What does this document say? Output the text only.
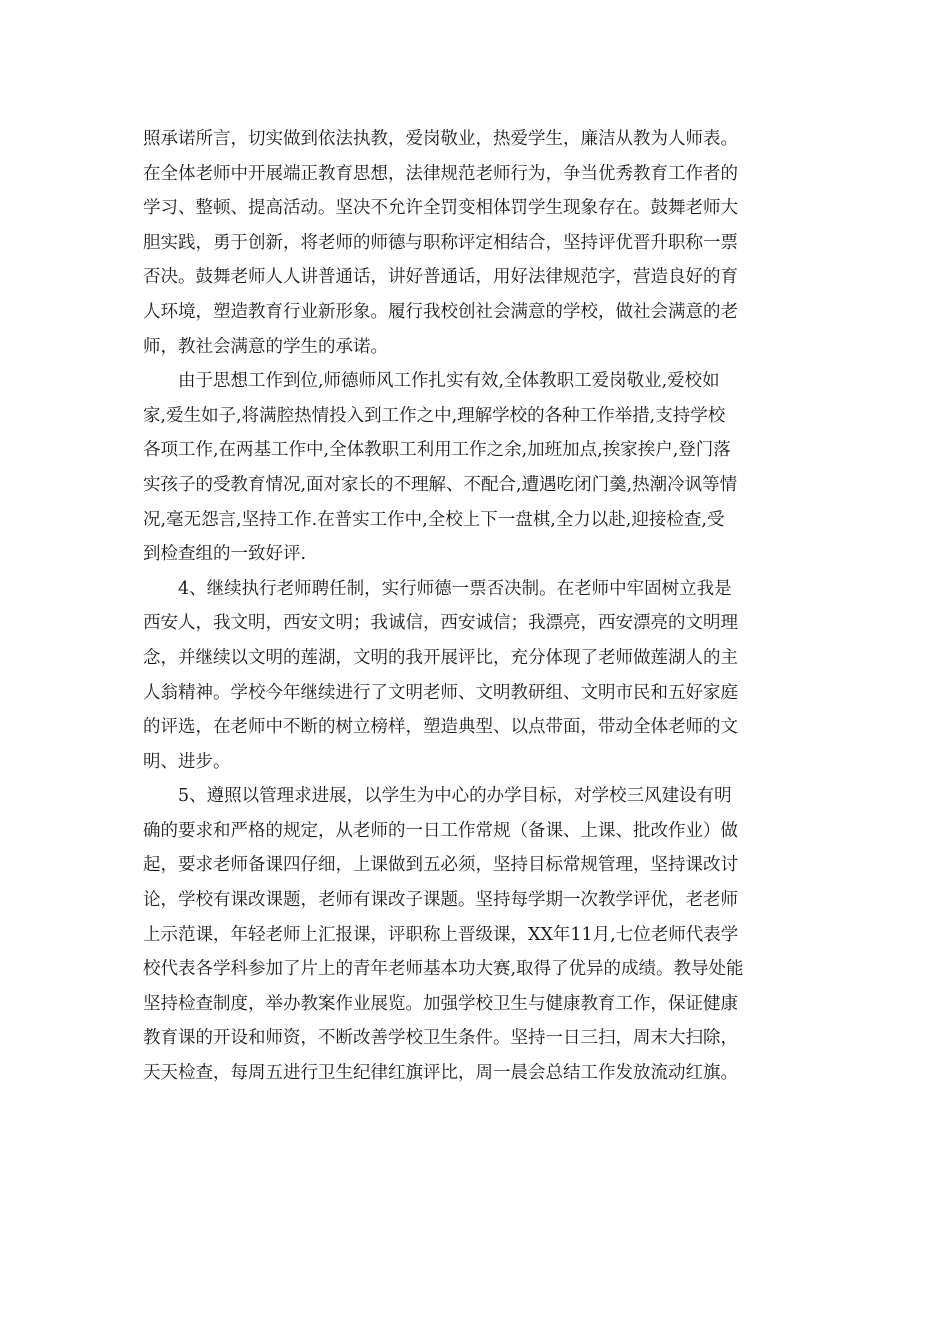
照承诺所言，切实做到依法执教，爱岗敬业，热爱学生，廉洁从教为人师表。
在全体老师中开展端正教育思想，法律规范老师行为，争当优秀教育工作者的
学习、整顿、提高活动。坚决不允许全罚变相体罚学生现象存在。鼓舞老师大
胆实践，勇于创新，将老师的师德与职称评定相结合，坚持评优晋升职称一票
否决。鼓舞老师人人讲普通话，讲好普通话，用好法律规范字，营造良好的育
人环境，塑造教育行业新形象。履行我校创社会满意的学校，做社会满意的老
师，教社会满意的学生的承诺。
由于思想工作到位,师德师风工作扎实有效,全体教职工爱岗敬业,爱校如
家,爱生如子,将满腔热情投入到工作之中,理解学校的各种工作举措,支持学校
各项工作,在两基工作中,全体教职工利用工作之余,加班加点,挨家挨户,登门落
实孩子的受教育情况,面对家长的不理解、不配合,遭遇吃闭门羹,热潮冷讽等情
况,毫无怨言,坚持工作.在普实工作中,全校上下一盘棋,全力以赴,迎接检查,受
到检查组的一致好评.
4、继续执行老师聘任制，实行师德一票否决制。在老师中牢固树立我是
西安人，我文明，西安文明；我诚信，西安诚信；我漂亮，西安漂亮的文明理
念，并继续以文明的莲湖，文明的我开展评比，充分体现了老师做莲湖人的主
人翁精神。学校今年继续进行了文明老师、文明教研组、文明市民和五好家庭
的评选，在老师中不断的树立榜样，塑造典型、以点带面，带动全体老师的文
明、进步。
5、遵照以管理求进展，以学生为中心的办学目标，对学校三风建设有明
确的要求和严格的规定，从老师的一日工作常规（备课、上课、批改作业）做
起，要求老师备课四仔细，上课做到五必须，坚持目标常规管理，坚持课改讨
论，学校有课改课题，老师有课改子课题。坚持每学期一次教学评优，老老师
上示范课，年轻老师上汇报课，评职称上晋级课，XX年11月,七位老师代表学
校代表各学科参加了片上的青年老师基本功大赛,取得了优异的成绩。教导处能
坚持检查制度，举办教案作业展览。加强学校卫生与健康教育工作，保证健康
教育课的开设和师资，不断改善学校卫生条件。坚持一日三扫，周末大扫除，
天天检查，每周五进行卫生纪律红旗评比，周一晨会总结工作发放流动红旗。
